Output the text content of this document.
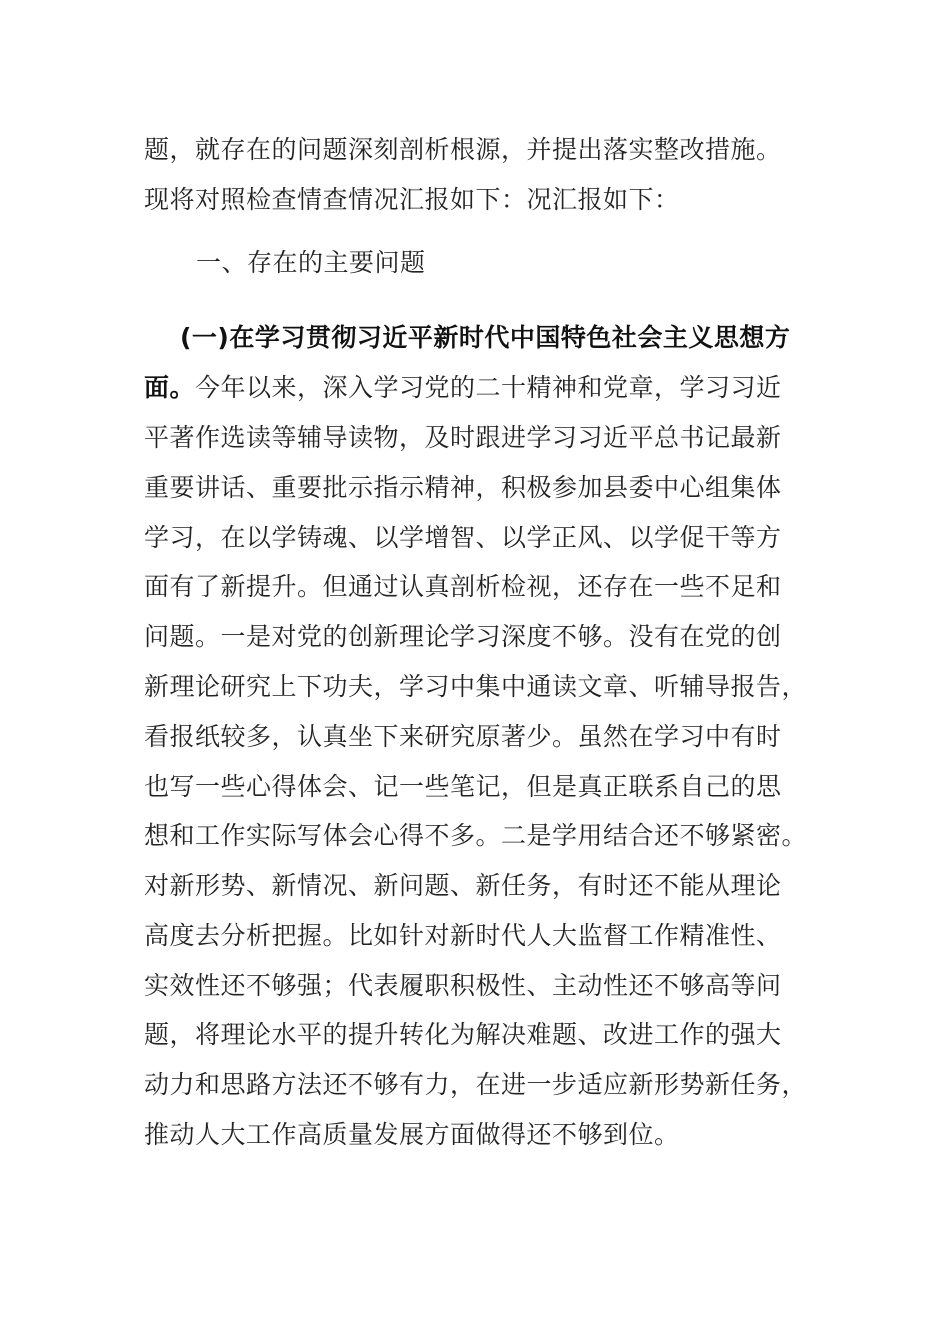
题，就存在的问题深刻剖析根源，并提出落实整改措施。
现将对照检查情查情况汇报如下：况汇报如下：
一、存在的主要问题
(一)在学习贯彻习近平新时代中国特色社会主义思想方
面。今年以来，深入学习党的二十精神和党章，学习习近
平著作选读等辅导读物，及时跟进学习习近平总书记最新
重要讲话、重要批示指示精神，积极参加县委中心组集体
学习，在以学铸魂、以学增智、以学正风、以学促干等方
面有了新提升。但通过认真剖析检视，还存在一些不足和
问题。一是对党的创新理论学习深度不够。没有在党的创
新理论研究上下功夫，学习中集中通读文章、听辅导报告，
看报纸较多，认真坐下来研究原著少。虽然在学习中有时
也写一些心得体会、记一些笔记，但是真正联系自己的思
想和工作实际写体会心得不多。二是学用结合还不够紧密。
对新形势、新情况、新问题、新任务，有时还不能从理论
高度去分析把握。比如针对新时代人大监督工作精准性、
实效性还不够强；代表履职积极性、主动性还不够高等问
题，将理论水平的提升转化为解决难题、改进工作的强大
动力和思路方法还不够有力，在进一步适应新形势新任务，
推动人大工作高质量发展方面做得还不够到位。
